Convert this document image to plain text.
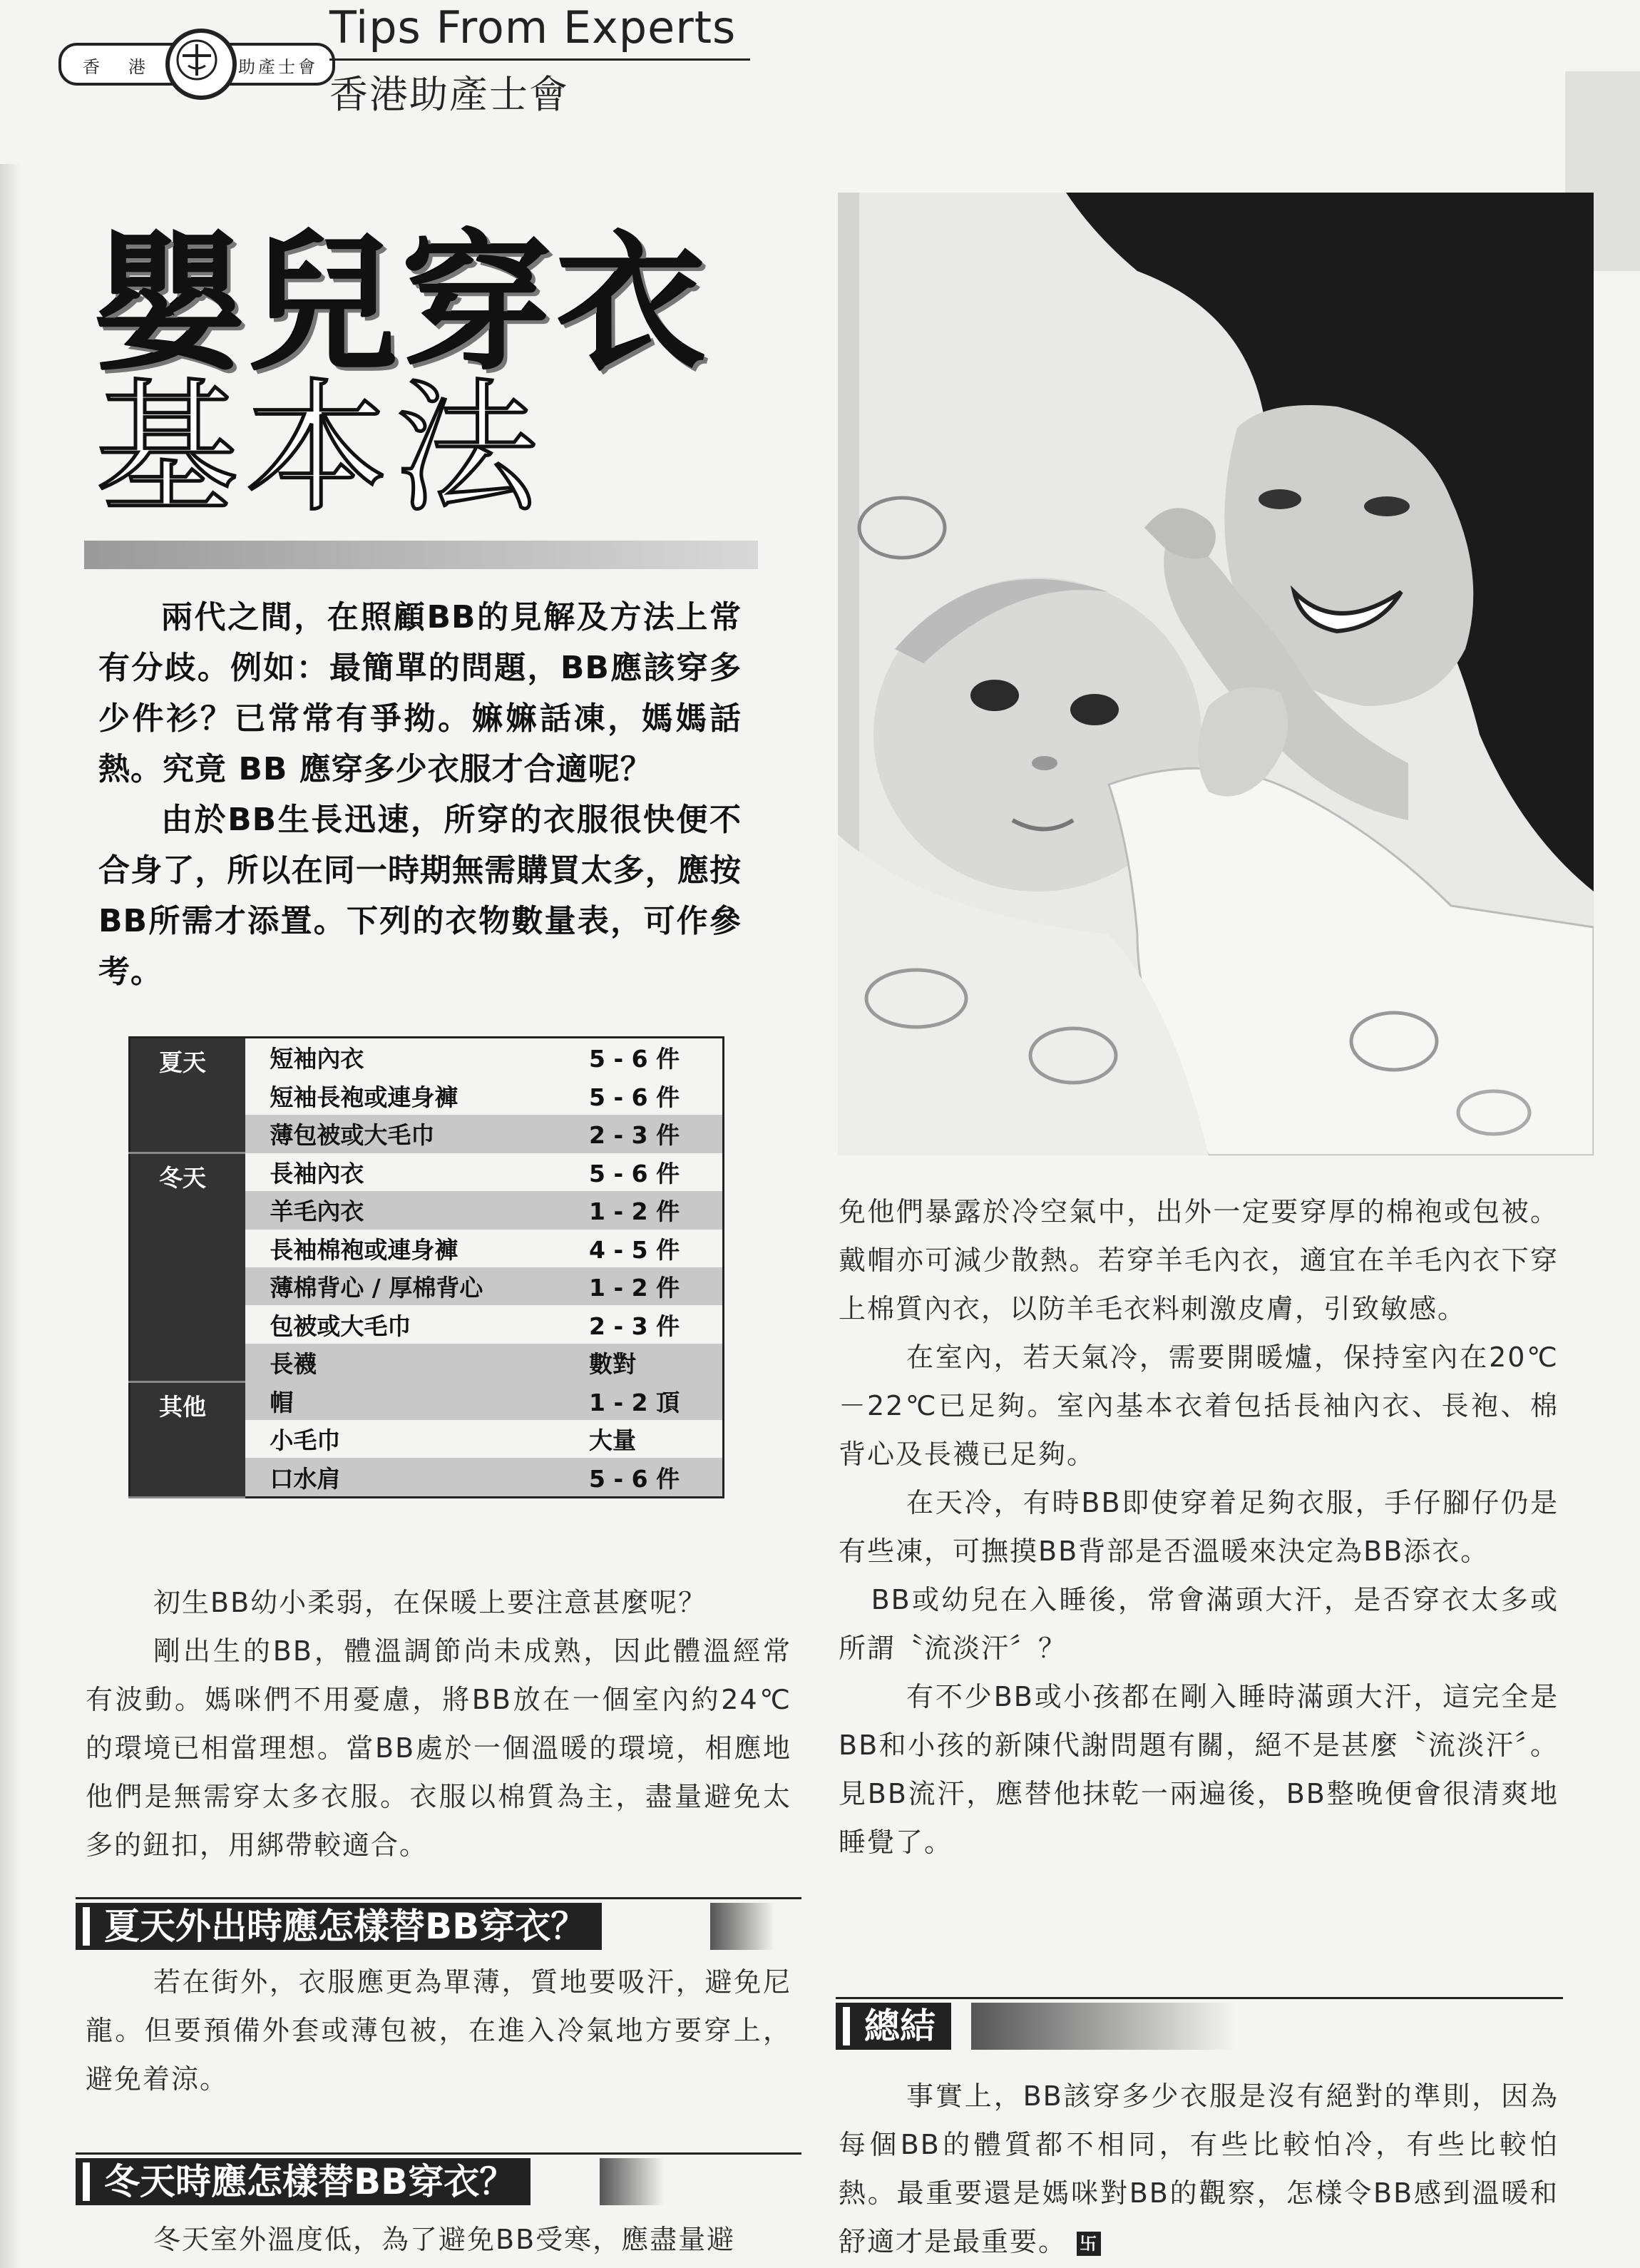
香 港	助產士會
Tips From Experts
香港助產士會
嬰兒穿衣
基本法

兩代之間，在照顧BB的見解及方法上常有分歧。例如：最簡單的問題，BB應該穿多少件衫？已常常有爭拗。嫲嫲話凍，媽媽話熱。究竟 BB 應穿多少衣服才合適呢？

由於BB生長迅速，所穿的衣服很快便不合身了，所以在同一時期無需購買太多，應按BB所需才添置。下列的衣物數量表，可作參考。

夏天	短袖內衣	5 - 6 件
	短袖長袍或連身褲	5 - 6 件
	薄包被或大毛巾	2 - 3 件
冬天	長袖內衣	5 - 6 件
	羊毛內衣	1 - 2 件
	長袖棉袍或連身褲	4 - 5 件
	薄棉背心 / 厚棉背心	1 - 2 件
	包被或大毛巾	2 - 3 件
	長襪	數對
其他	帽	1 - 2 頂
	小毛巾	大量
	口水肩	5 - 6 件

初生BB幼小柔弱，在保暖上要注意甚麼呢？

剛出生的BB，體溫調節尚未成熟，因此體溫經常有波動。媽咪們不用憂慮，將BB放在一個室內約24℃的環境已相當理想。當BB處於一個溫暖的環境，相應地他們是無需穿太多衣服。衣服以棉質為主，盡量避免太多的鈕扣，用綁帶較適合。

夏天外出時應怎樣替BB穿衣？

若在街外，衣服應更為單薄，質地要吸汗，避免尼龍。但要預備外套或薄包被，在進入冷氣地方要穿上，避免着涼。

冬天時應怎樣替BB穿衣？

冬天室外溫度低，為了避免BB受寒，應盡量避

免他們暴露於冷空氣中，出外一定要穿厚的棉袍或包被。戴帽亦可減少散熱。若穿羊毛內衣，適宜在羊毛內衣下穿上棉質內衣，以防羊毛衣料刺激皮膚，引致敏感。

在室內，若天氣冷，需要開暖爐，保持室內在20℃－22℃已足夠。室內基本衣着包括長袖內衣、長袍、棉背心及長襪已足夠。

在天冷，有時BB即使穿着足夠衣服，手仔腳仔仍是有些凍，可撫摸BB背部是否溫暖來決定為BB添衣。

BB或幼兒在入睡後，常會滿頭大汗，是否穿衣太多或所謂〝流淡汗〞？

有不少BB或小孩都在剛入睡時滿頭大汗，這完全是BB和小孩的新陳代謝問題有關，絕不是甚麼〝流淡汗〞。見BB流汗，應替他抹乾一兩遍後，BB整晚便會很清爽地睡覺了。

總結

事實上，BB該穿多少衣服是沒有絕對的準則，因為每個BB的體質都不相同，有些比較怕冷，有些比較怕熱。最重要還是媽咪對BB的觀察，怎樣令BB感到溫暖和舒適才是最重要。 卐
